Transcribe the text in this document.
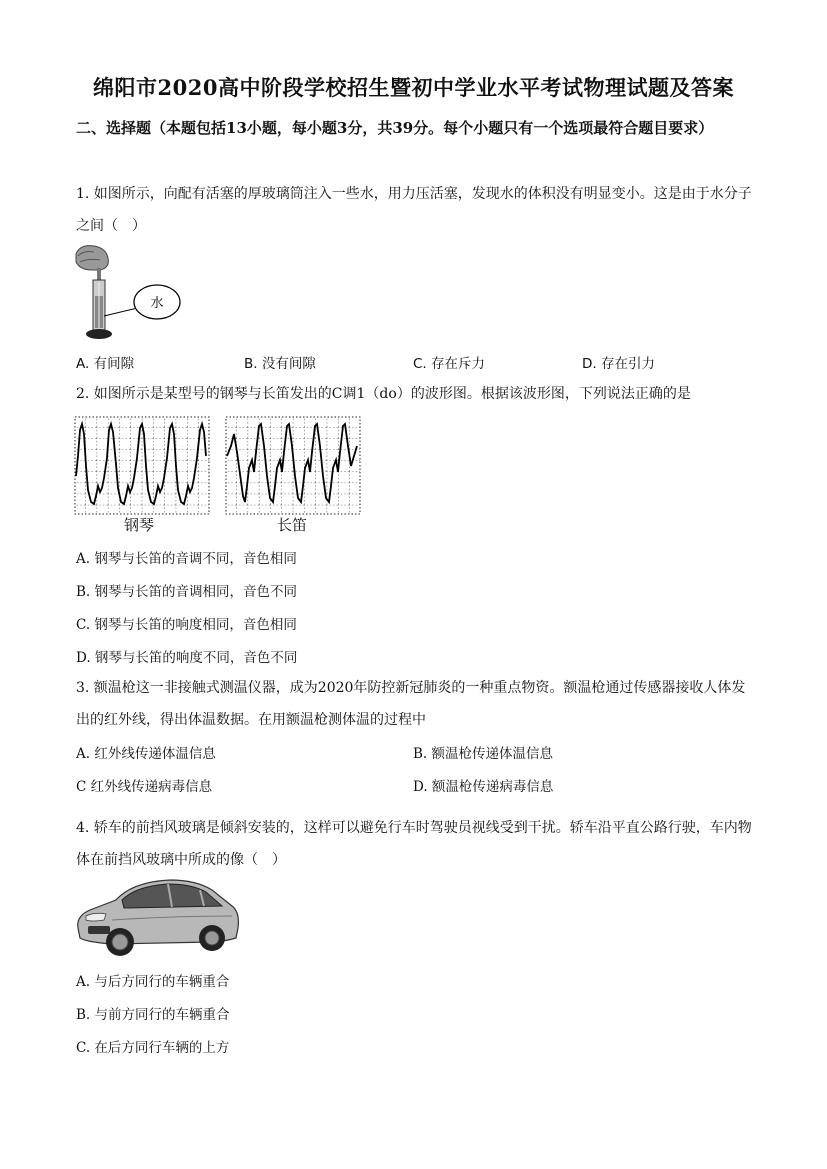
绵阳市2020高中阶段学校招生暨初中学业水平考试物理试题及答案
二、选择题（本题包括13小题，每小题3分，共39分。每个小题只有一个选项最符合题目要求）
1. 如图所示，向配有活塞的厚玻璃筒注入一些水，用力压活塞，发现水的体积没有明显变小。这是由于水分子之间（　）
水
A. 有间隙	B. 没有间隙	C. 存在斥力	D. 存在引力
2. 如图所示是某型号的钢琴与长笛发出的C调1（do）的波形图。根据该波形图，下列说法正确的是
钢琴	长笛
A. 钢琴与长笛的音调不同，音色相同
B. 钢琴与长笛的音调相同，音色不同
C. 钢琴与长笛的响度相同，音色相同
D. 钢琴与长笛的响度不同，音色不同
3. 额温枪这一非接触式测温仪器，成为2020年防控新冠肺炎的一种重点物资。额温枪通过传感器接收人体发出的红外线，得出体温数据。在用额温枪测体温的过程中
A. 红外线传递体温信息	B. 额温枪传递体温信息
C 红外线传递病毒信息	D. 额温枪传递病毒信息
4. 轿车的前挡风玻璃是倾斜安装的，这样可以避免行车时驾驶员视线受到干扰。轿车沿平直公路行驶，车内物体在前挡风玻璃中所成的像（　）
A. 与后方同行的车辆重合
B. 与前方同行的车辆重合
C. 在后方同行车辆的上方
